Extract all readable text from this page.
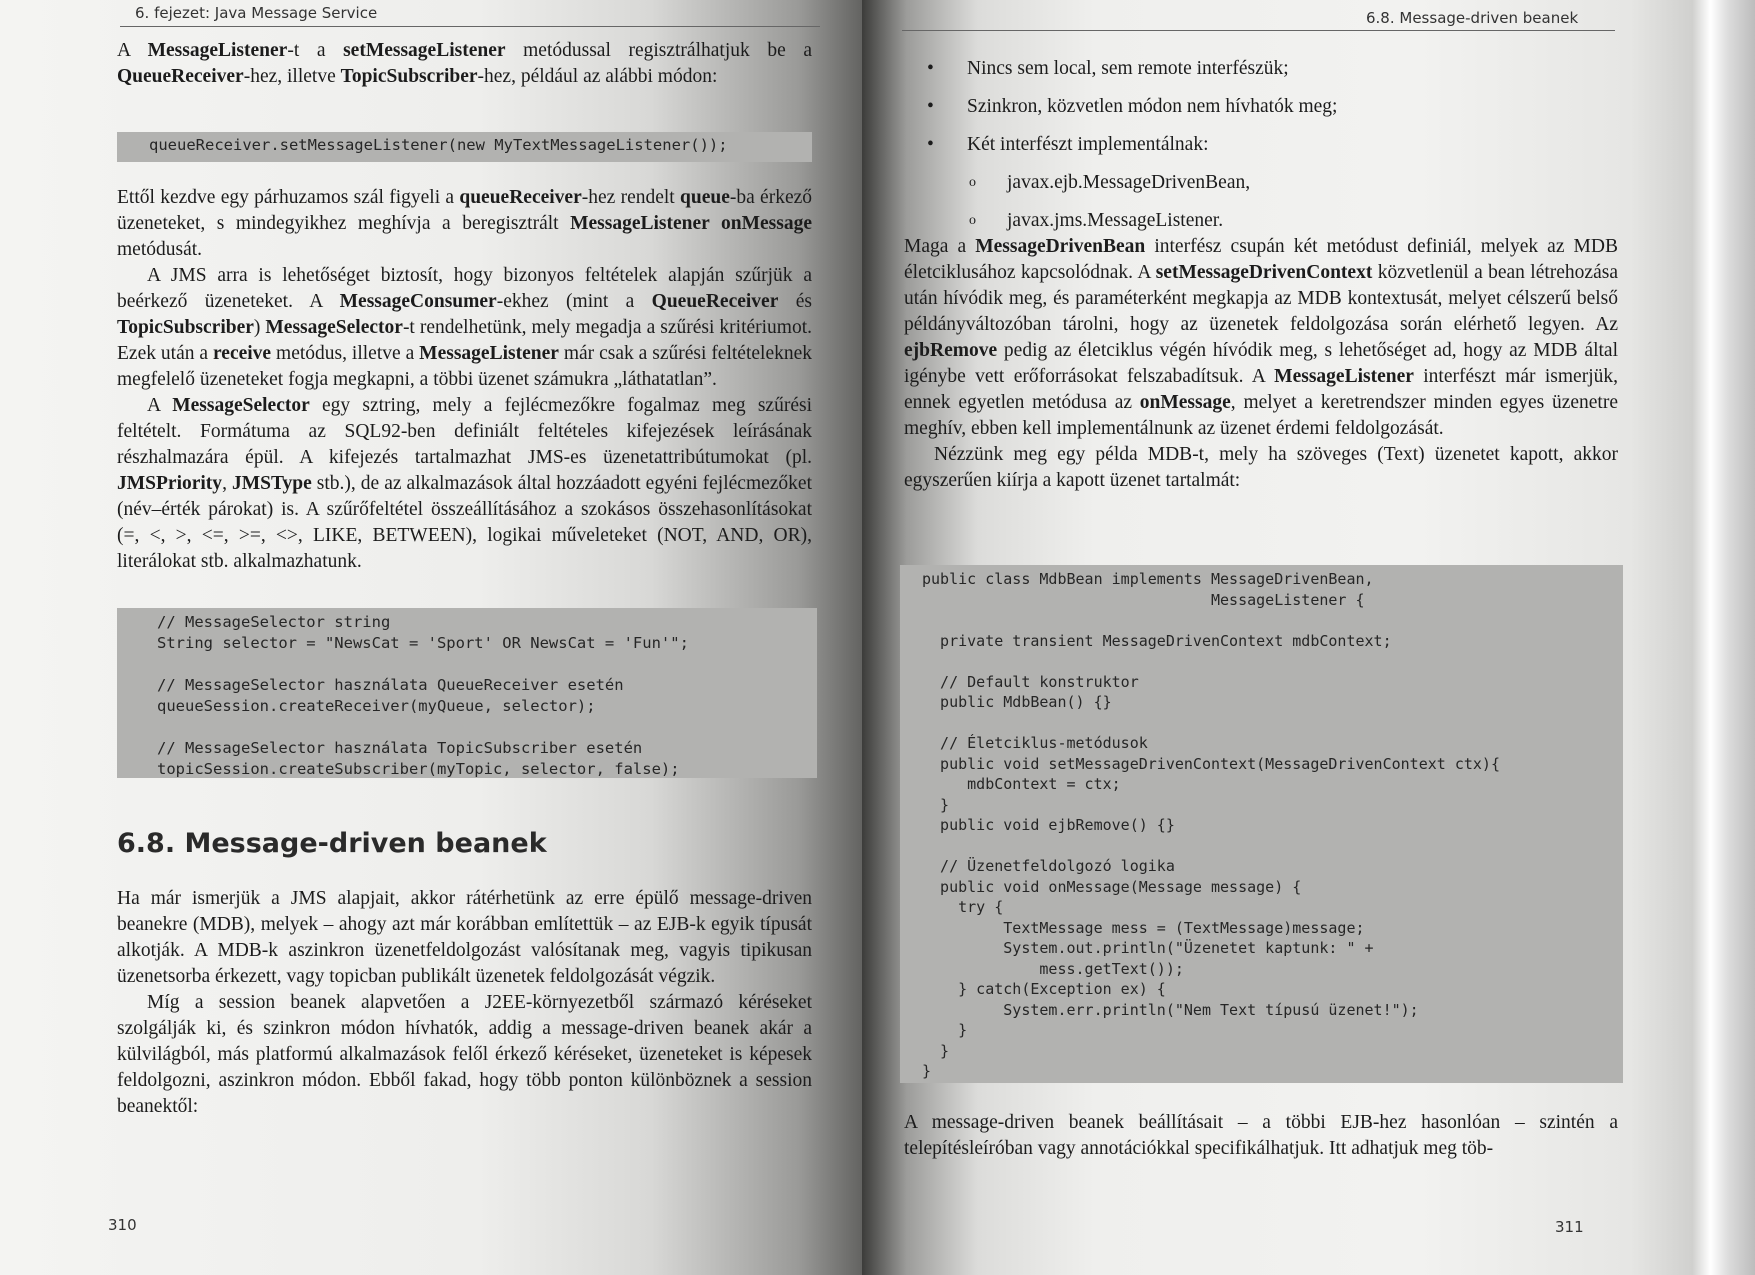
6. fejezet: Java Message Service

A MessageListener-t a setMessageListener metódussal regisztrálhatjuk be a QueueReceiver-hez, illetve TopicSubscriber-hez, például az alábbi módon:

queueReceiver.setMessageListener(new MyTextMessageListener());

Ettől kezdve egy párhuzamos szál figyeli a queueReceiver-hez rendelt queue-ba érkező üzeneteket, s mindegyikhez meghívja a beregisztrált MessageListener onMessage metódusát.

A JMS arra is lehetőséget biztosít, hogy bizonyos feltételek alapján szűrjük a beérkező üzeneteket. A MessageConsumer-ekhez (mint a QueueReceiver és TopicSubscriber) MessageSelector-t rendelhetünk, mely megadja a szűrési kritériumot. Ezek után a receive metódus, illetve a MessageListener már csak a szűrési feltételeknek megfelelő üzeneteket fogja megkapni, a többi üzenet számukra „láthatatlan”.

A MessageSelector egy sztring, mely a fejlécmezőkre fogalmaz meg szűrési feltételt. Formátuma az SQL92-ben definiált feltételes kifejezések leírásának részhalmazára épül. A kifejezés tartalmazhat JMS-es üzenetattribútumokat (pl. JMSPriority, JMSType stb.), de az alkalmazások által hozzáadott egyéni fejlécmezőket (név–érték párokat) is. A szűrőfeltétel összeállításához a szokásos összehasonlításokat (=, <, >, <=, >=, <>, LIKE, BETWEEN), logikai műveleteket (NOT, AND, OR), literálokat stb. alkalmazhatunk.

// MessageSelector string
String selector = "NewsCat = 'Sport' OR NewsCat = 'Fun'";

// MessageSelector használata QueueReceiver esetén
queueSession.createReceiver(myQueue, selector);

// MessageSelector használata TopicSubscriber esetén
topicSession.createSubscriber(myTopic, selector, false);
6.8. Message-driven beanek

Ha már ismerjük a JMS alapjait, akkor rátérhetünk az erre épülő message-driven beanekre (MDB), melyek – ahogy azt már korábban említettük – az EJB-k egyik típusát alkotják. A MDB-k aszinkron üzenetfeldolgozást valósítanak meg, vagyis tipikusan üzenetsorba érkezett, vagy topicban publikált üzenetek feldolgozását végzik.

Míg a session beanek alapvetően a J2EE-környezetből származó kéréseket szolgálják ki, és szinkron módon hívhatók, addig a message-driven beanek akár a külvilágból, más platformú alkalmazások felől érkező kéréseket, üzeneteket is képesek feldolgozni, aszinkron módon. Ebből fakad, hogy több ponton különböznek a session beanektől:

310
6.8. Message-driven beanek
•	Nincs sem local, sem remote interfészük;
•	Szinkron, közvetlen módon nem hívhatók meg;
•	Két interfészt implementálnak:
o	javax.ejb.MessageDrivenBean,
o	javax.jms.MessageListener.

Maga a MessageDrivenBean interfész csupán két metódust definiál, melyek az MDB életciklusához kapcsolódnak. A setMessageDrivenContext közvetlenül a bean létrehozása után hívódik meg, és paraméterként megkapja az MDB kontextusát, melyet célszerű belső példányváltozóban tárolni, hogy az üzenetek feldolgozása során elérhető legyen. Az ejbRemove pedig az életciklus végén hívódik meg, s lehetőséget ad, hogy az MDB által igénybe vett erőforrásokat felszabadítsuk. A MessageListener interfészt már ismerjük, ennek egyetlen metódusa az onMessage, melyet a keretrendszer minden egyes üzenetre meghív, ebben kell implementálnunk az üzenet érdemi feldolgozását.

Nézzünk meg egy példa MDB-t, mely ha szöveges (Text) üzenetet kapott, akkor egyszerűen kiírja a kapott üzenet tartalmát:

public class MdbBean implements MessageDrivenBean,
MessageListener {

private transient MessageDrivenContext mdbContext;

// Default konstruktor
public MdbBean() {}

// Életciklus-metódusok
public void setMessageDrivenContext(MessageDrivenContext ctx){
mdbContext = ctx;
}
public void ejbRemove() {}

// Üzenetfeldolgozó logika
public void onMessage(Message message) {
try {
TextMessage mess = (TextMessage)message;
System.out.println("Üzenetet kaptunk: " +
mess.getText());
} catch(Exception ex) {
System.err.println("Nem Text típusú üzenet!");
}
}
}

A message-driven beanek beállításait – a többi EJB-hez hasonlóan – szintén a telepítésleíróban vagy annotációkkal specifikálhatjuk. Itt adhatjuk meg töb-

311
